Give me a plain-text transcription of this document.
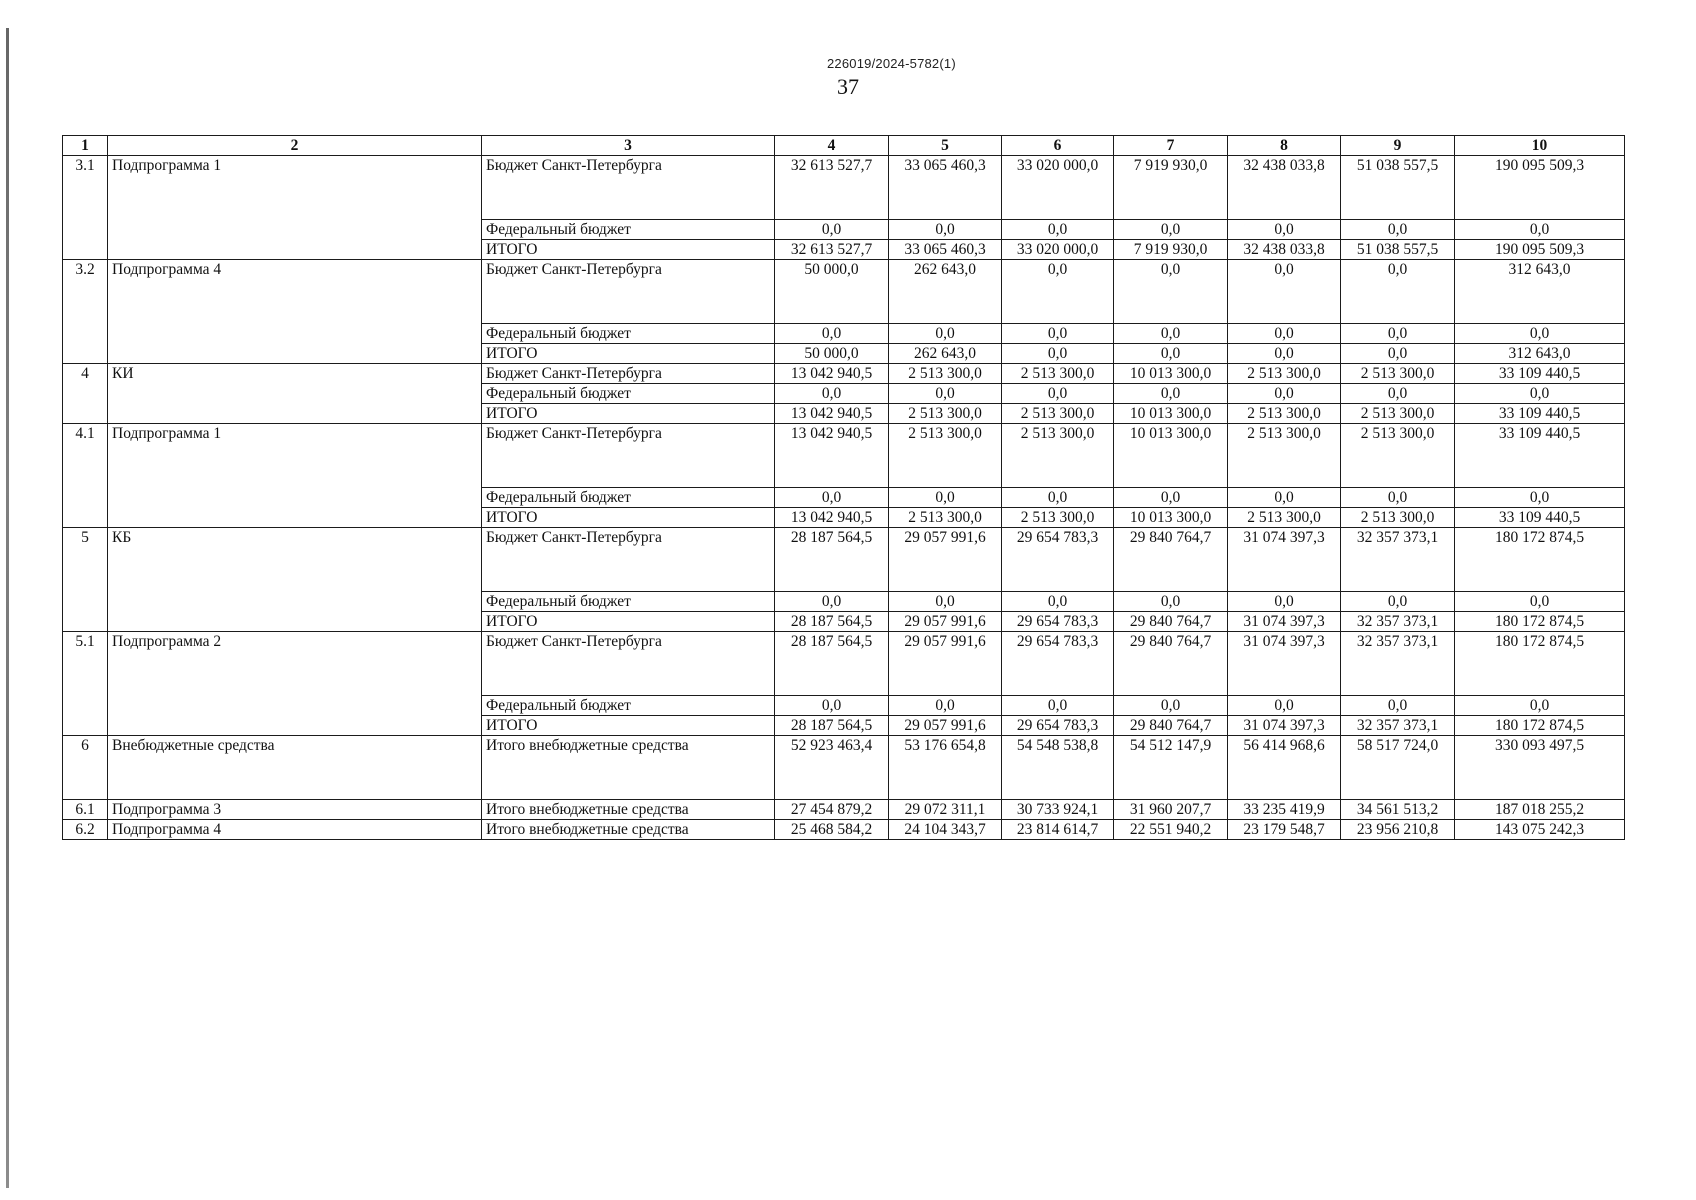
226019/2024-5782(1)
37
1	2	3	4	5	6	7	8	9	10
3.1	Подпрограмма 1	Бюджет Санкт-Петербурга	32 613 527,7	33 065 460,3	33 020 000,0	7 919 930,0	32 438 033,8	51 038 557,5	190 095 509,3
		Федеральный бюджет	0,0	0,0	0,0	0,0	0,0	0,0	0,0
		ИТОГО	32 613 527,7	33 065 460,3	33 020 000,0	7 919 930,0	32 438 033,8	51 038 557,5	190 095 509,3
3.2	Подпрограмма 4	Бюджет Санкт-Петербурга	50 000,0	262 643,0	0,0	0,0	0,0	0,0	312 643,0
		Федеральный бюджет	0,0	0,0	0,0	0,0	0,0	0,0	0,0
		ИТОГО	50 000,0	262 643,0	0,0	0,0	0,0	0,0	312 643,0
4	КИ	Бюджет Санкт-Петербурга	13 042 940,5	2 513 300,0	2 513 300,0	10 013 300,0	2 513 300,0	2 513 300,0	33 109 440,5
		Федеральный бюджет	0,0	0,0	0,0	0,0	0,0	0,0	0,0
		ИТОГО	13 042 940,5	2 513 300,0	2 513 300,0	10 013 300,0	2 513 300,0	2 513 300,0	33 109 440,5
4.1	Подпрограмма 1	Бюджет Санкт-Петербурга	13 042 940,5	2 513 300,0	2 513 300,0	10 013 300,0	2 513 300,0	2 513 300,0	33 109 440,5
		Федеральный бюджет	0,0	0,0	0,0	0,0	0,0	0,0	0,0
		ИТОГО	13 042 940,5	2 513 300,0	2 513 300,0	10 013 300,0	2 513 300,0	2 513 300,0	33 109 440,5
5	КБ	Бюджет Санкт-Петербурга	28 187 564,5	29 057 991,6	29 654 783,3	29 840 764,7	31 074 397,3	32 357 373,1	180 172 874,5
		Федеральный бюджет	0,0	0,0	0,0	0,0	0,0	0,0	0,0
		ИТОГО	28 187 564,5	29 057 991,6	29 654 783,3	29 840 764,7	31 074 397,3	32 357 373,1	180 172 874,5
5.1	Подпрограмма 2	Бюджет Санкт-Петербурга	28 187 564,5	29 057 991,6	29 654 783,3	29 840 764,7	31 074 397,3	32 357 373,1	180 172 874,5
		Федеральный бюджет	0,0	0,0	0,0	0,0	0,0	0,0	0,0
		ИТОГО	28 187 564,5	29 057 991,6	29 654 783,3	29 840 764,7	31 074 397,3	32 357 373,1	180 172 874,5
6	Внебюджетные средства	Итого внебюджетные средства	52 923 463,4	53 176 654,8	54 548 538,8	54 512 147,9	56 414 968,6	58 517 724,0	330 093 497,5
6.1	Подпрограмма 3	Итого внебюджетные средства	27 454 879,2	29 072 311,1	30 733 924,1	31 960 207,7	33 235 419,9	34 561 513,2	187 018 255,2
6.2	Подпрограмма 4	Итого внебюджетные средства	25 468 584,2	24 104 343,7	23 814 614,7	22 551 940,2	23 179 548,7	23 956 210,8	143 075 242,3
